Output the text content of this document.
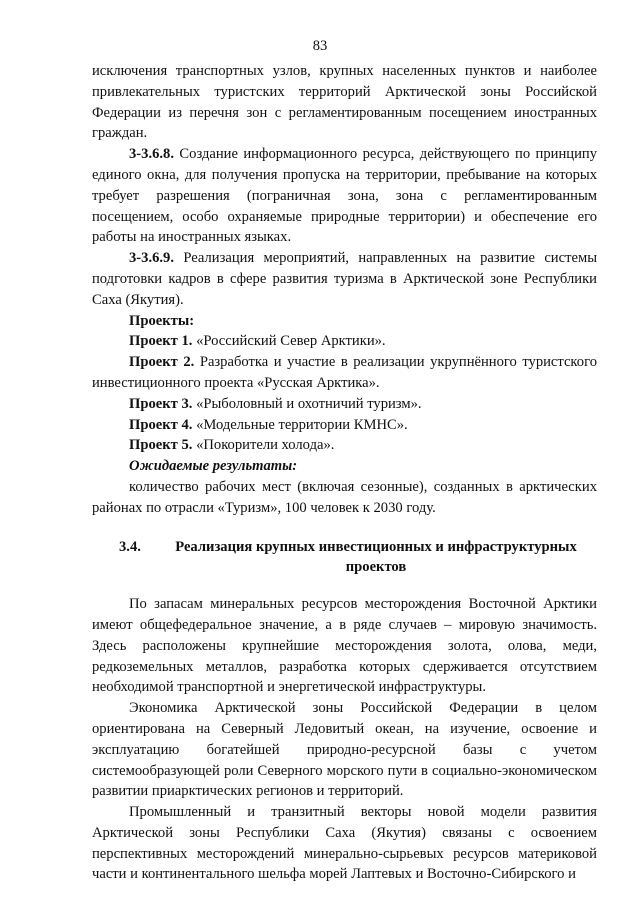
83

исключения транспортных узлов, крупных населенных пунктов и наиболее привлекательных туристских территорий Арктической зоны Российской Федерации из перечня зон с регламентированным посещением иностранных граждан.

3-3.6.8. Создание информационного ресурса, действующего по принципу единого окна, для получения пропуска на территории, пребывание на которых требует разрешения (пограничная зона, зона с регламентированным посещением, особо охраняемые природные территории) и обеспечение его работы на иностранных языках.

3-3.6.9. Реализация мероприятий, направленных на развитие системы подготовки кадров в сфере развития туризма в Арктической зоне Республики Саха (Якутия).

Проекты:

Проект 1. «Российский Север Арктики».

Проект 2. Разработка и участие в реализации укрупнённого туристского инвестиционного проекта «Русская Арктика».

Проект 3. «Рыболовный и охотничий туризм».

Проект 4. «Модельные территории КМНС».

Проект 5. «Покорители холода».

Ожидаемые результаты:

количество рабочих мест (включая сезонные), созданных в арктических районах по отрасли «Туризм», 100 человек к 2030 году.

3.4.	Реализация крупных инвестиционных и инфраструктурных проектов

По запасам минеральных ресурсов месторождения Восточной Арктики имеют общефедеральное значение, а в ряде случаев – мировую значимость. Здесь расположены крупнейшие месторождения золота, олова, меди, редкоземельных металлов, разработка которых сдерживается отсутствием необходимой транспортной и энергетической инфраструктуры.

Экономика Арктической зоны Российской Федерации в целом ориентирована на Северный Ледовитый океан, на изучение, освоение и эксплуатацию богатейшей природно-ресурсной базы с учетом системообразующей роли Северного морского пути в социально-экономическом развитии приарктических регионов и территорий.

Промышленный и транзитный векторы новой модели развития Арктической зоны Республики Саха (Якутия) связаны с освоением перспективных месторождений минерально-сырьевых ресурсов материковой части и континентального шельфа морей Лаптевых и Восточно-Сибирского и
